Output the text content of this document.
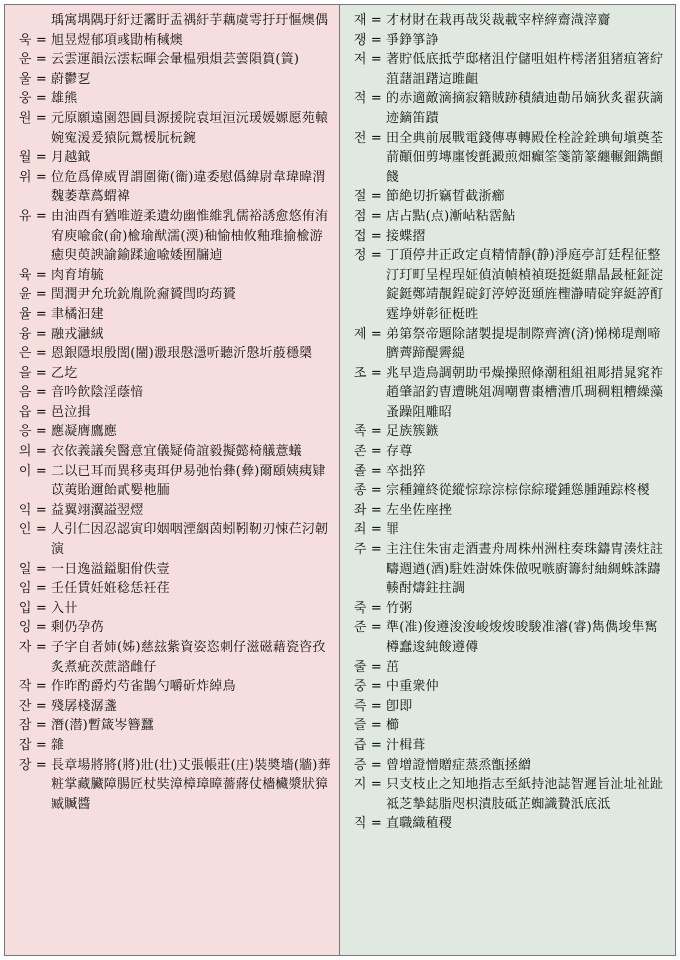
瑀寓堣隅玗紆迂霱盱盂禑紆芋藕虞雩扜玗慪燠偶
욱 = 旭昱煜郁項彧勖栯稶燠
운 = 云雲運韻沄澐耘暉会暈榅殞熉芸蕓隕篔(篢)
울 = 蔚鬱乭
웅 = 雄熊
원 = 元原願遠園怨圓員源援院袁垣洹沅瑗媛嫄愿苑轅婉寃湲爰猿阮鴛楥朊杬鋺
월 = 月越鉞
위 = 位危爲偉威胃謂圍衛(衞)違委慰僞緯尉韋瑋暐渭魏萎葦蔿蝟褘
유 = 由油酉有猶唯遊柔遺幼幽惟維乳儒裕誘愈悠侑洧宥庾喩兪(俞)楡瑜猷濡(渜)秞愉柚攸釉琟揄楡游癒臾萸諛諭鍮蹂逾喩婑囿牖逌
육 = 肉育堉毓
윤 = 閏潤尹允玧鈗胤阭奫贇閆昀荺贇
율 = 聿橘汩建
융 = 融戎瀜絨
은 = 恩銀隱垠殷誾(闉)溵珢慇濦听聽沂慇圻蒑穩檃
을 = 乙圪
음 = 音吟飮陰淫蔭愔
읍 = 邑泣揖
응 = 應凝膺鷹應
의 = 衣依義議矣醫意宜儀疑倚誼毅擬懿椅艤薏蟻
이 = 二以已耳而異移夷珥伊易弛怡彝(彜)爾頤姨痍肄苡荑貽邇飴貳媐杝胹
익 = 益翼翊瀷謚翌熤
인 = 人引仁因忍認寅印姻咽湮絪茵蚓靷靭刃悚芢汈韌演
일 = 一日逸溢鎰馹佾佚壹
임 = 壬任賃妊姙稔恁衽荏
입 = 入卄
잉 = 剩仍孕芿
자 = 子字自者姉(姊)慈玆紫資姿恣刺仔滋磁藉瓷咨孜炙煮疵茨蔗諮雌仔
작 = 作昨酌爵灼芍雀鵲勺嚼斫炸綽鳥
잔 = 殘孱棧潺盞
잠 = 潛(潜)暫箴岑簪蠶
잡 = 雜
장 = 長章場將將(將)壯(壮)丈張帳莊(庄)裝奬墻(牆)葬粧掌藏臟障腸匠杖奘漳樟璋暲薔蔣仗檣欌漿狀獐臧贓醬
재 = 才材財在栽再哉災裁載宰梓縡齋渽滓齎
쟁 = 爭錚箏諍
저 = 著貯低底抵苧邸楮沮佇儲咀姐杵樗渚狙猪疽箸紵菹藷詛躇這雎齟
적 = 的赤適敵滴摘寂籍賊跡積績迪勣吊嫡狄炙翟荻謫迹鏑笛蹟
전 = 田全典前展戰電錢傳專轉殿佺栓詮銓琠甸塡奠荃葥顚佃剪塼廛悛氈澱煎畑癲筌箋箭篆纏輾鈿鐫顫餞
절 = 節絶切折竊晢截浙癤
점 = 店占點(点)漸岾粘霑鮎
접 = 接蝶摺
정 = 丁頂停井正政定貞精情靜(静)淨庭亭訂廷程征整汀玎町呈桯珵姃偵湞幀楨禎珽挺綎鼎晶晸柾鉦淀錠鋌鄭靖靚鋥碇釘渟婷涏頲旌檉瀞晴碇穽綎諪酊霆埩姘彰征梃甠
제 = 弟第祭帝題除諸製提堤制際齊濟(済)悌梯瑅劑啼臍薺蹄醍霽緹
조 = 兆早造鳥調朝助弔燥操照條潮租組祖彫措晁窕祚趙肇詔釣曺遭眺俎凋嘲曹棗槽漕爪琱稠粗糟繰藻蚤躁阻雕昭
족 = 足族簇鏃
존 = 存尊
졸 = 卒拙猝
종 = 宗種鐘終從縱悰琮淙棕倧綜瑽鍾慫腫踵踪柊椶
좌 = 左坐佐座挫
죄 = 罪
주 = 主注住朱宙走酒晝舟周株州洲柱奏珠鑄冑湊炷註疇週遒(酒)駐姓澍姝侏做呪嗾廚籌紂紬綢蛛誅躊輳酎燽鉒拄調
죽 = 竹粥
준 = 準(准)俊遵浚浚峻焌焌晙駿准濬(睿)雋儁埈隼寯樽蠢逡純餕遵僔
줄 = 茁
중 = 中重衆仲
즉 = 卽即
즐 = 櫛
즙 = 汁楫葺
증 = 曾增證憎贈症蒸烝甑拯繒
지 = 只支枝止之知地指志至紙持池誌智遲旨沚址祉趾祗芝摯鋕脂咫枳漬肢砥芷蜘識贄汦底泜
직 = 直職織稙稷
